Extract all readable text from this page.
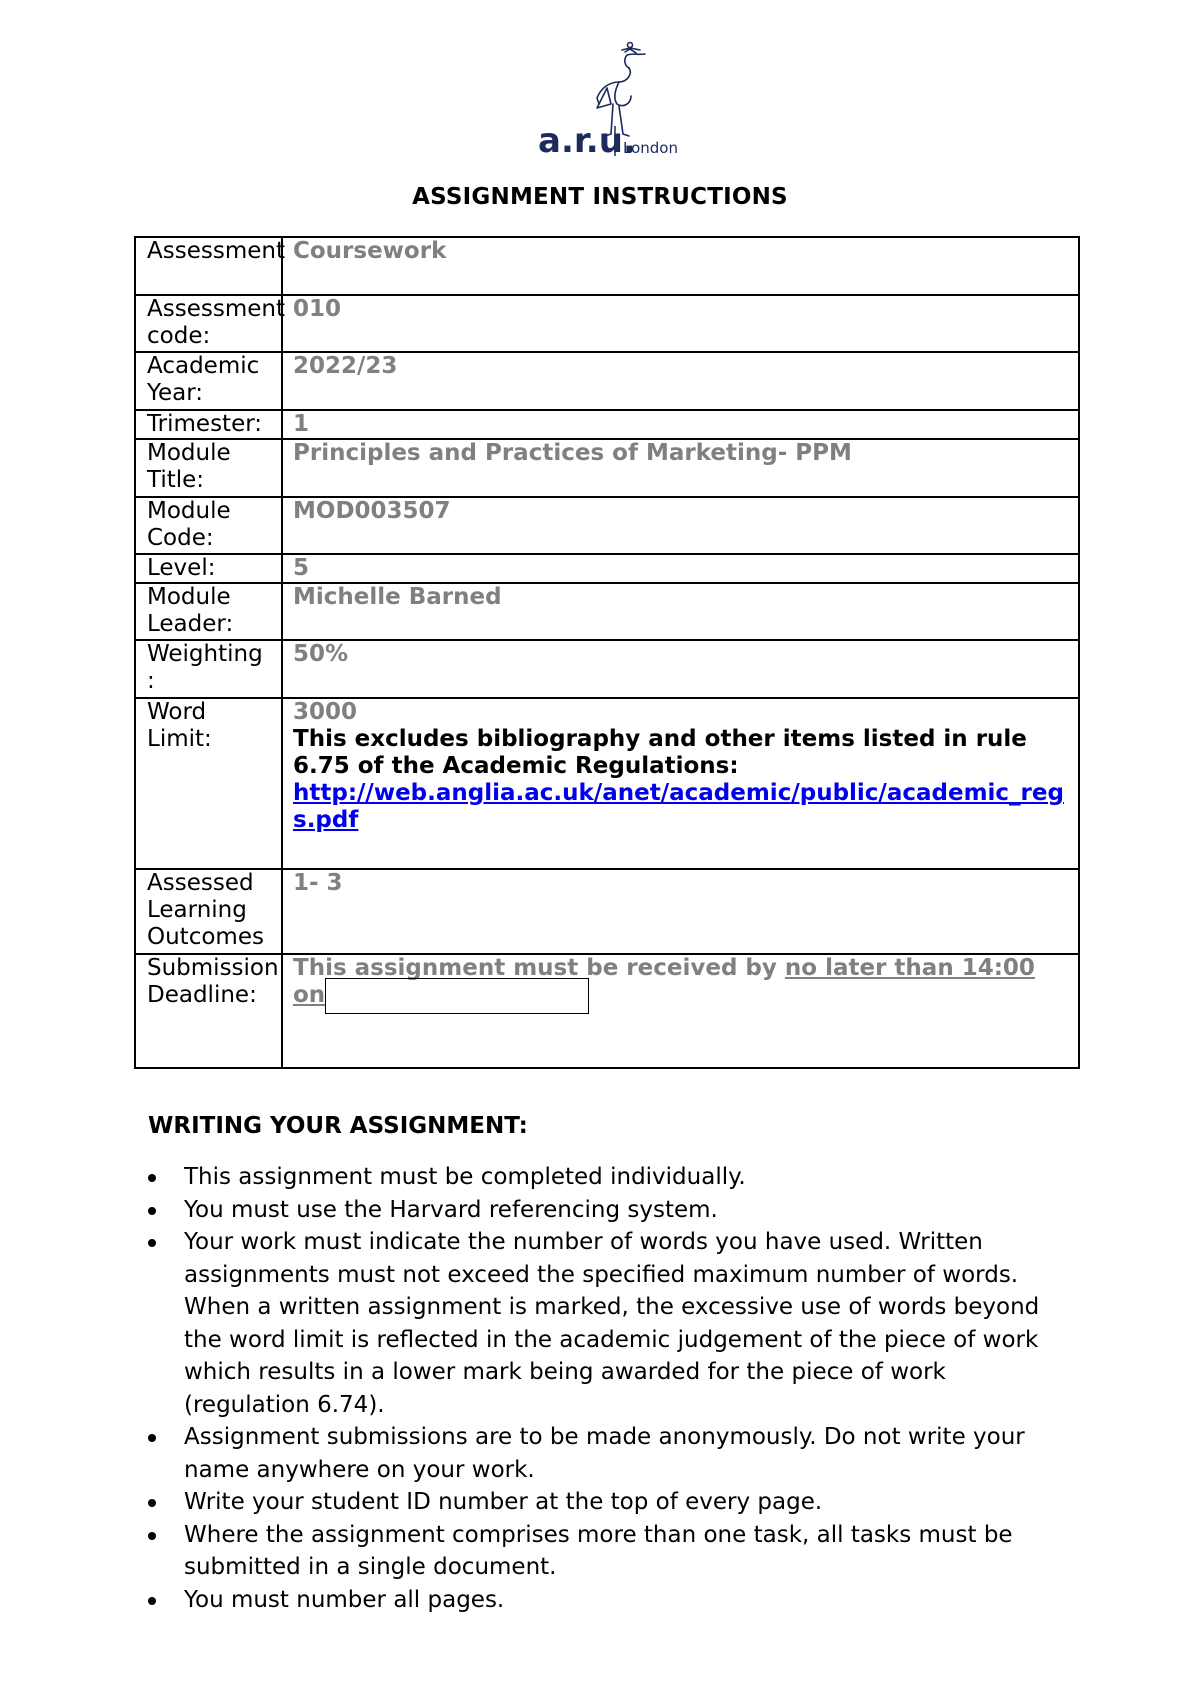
a.r.u.
London
ASSIGNMENT INSTRUCTIONS
Assessment	Coursework
Assessment code:	010
Academic Year:	2022/23
Trimester:	1
Module Title:	Principles and Practices of Marketing- PPM
Module Code:	MOD003507
Level:	5
Module Leader:	Michelle Barned
Weighting :	50%
Word Limit:	3000
This excludes bibliography and other items listed in rule 6.75 of the Academic Regulations:
http://web.anglia.ac.uk/anet/academic/public/academic_regs.pdf

Assessed Learning Outcomes	1- 3
Submission Deadline:	This assignment must be received by no later than 14:00 on
WRITING YOUR ASSIGNMENT:
This assignment must be completed individually.
You must use the Harvard referencing system.
Your work must indicate the number of words you have used. Written assignments must not exceed the specified maximum number of words. When a written assignment is marked, the excessive use of words beyond the word limit is reflected in the academic judgement of the piece of work which results in a lower mark being awarded for the piece of work (regulation 6.74).
Assignment submissions are to be made anonymously. Do not write your name anywhere on your work.
Write your student ID number at the top of every page.
Where the assignment comprises more than one task, all tasks must be submitted in a single document.
You must number all pages.
